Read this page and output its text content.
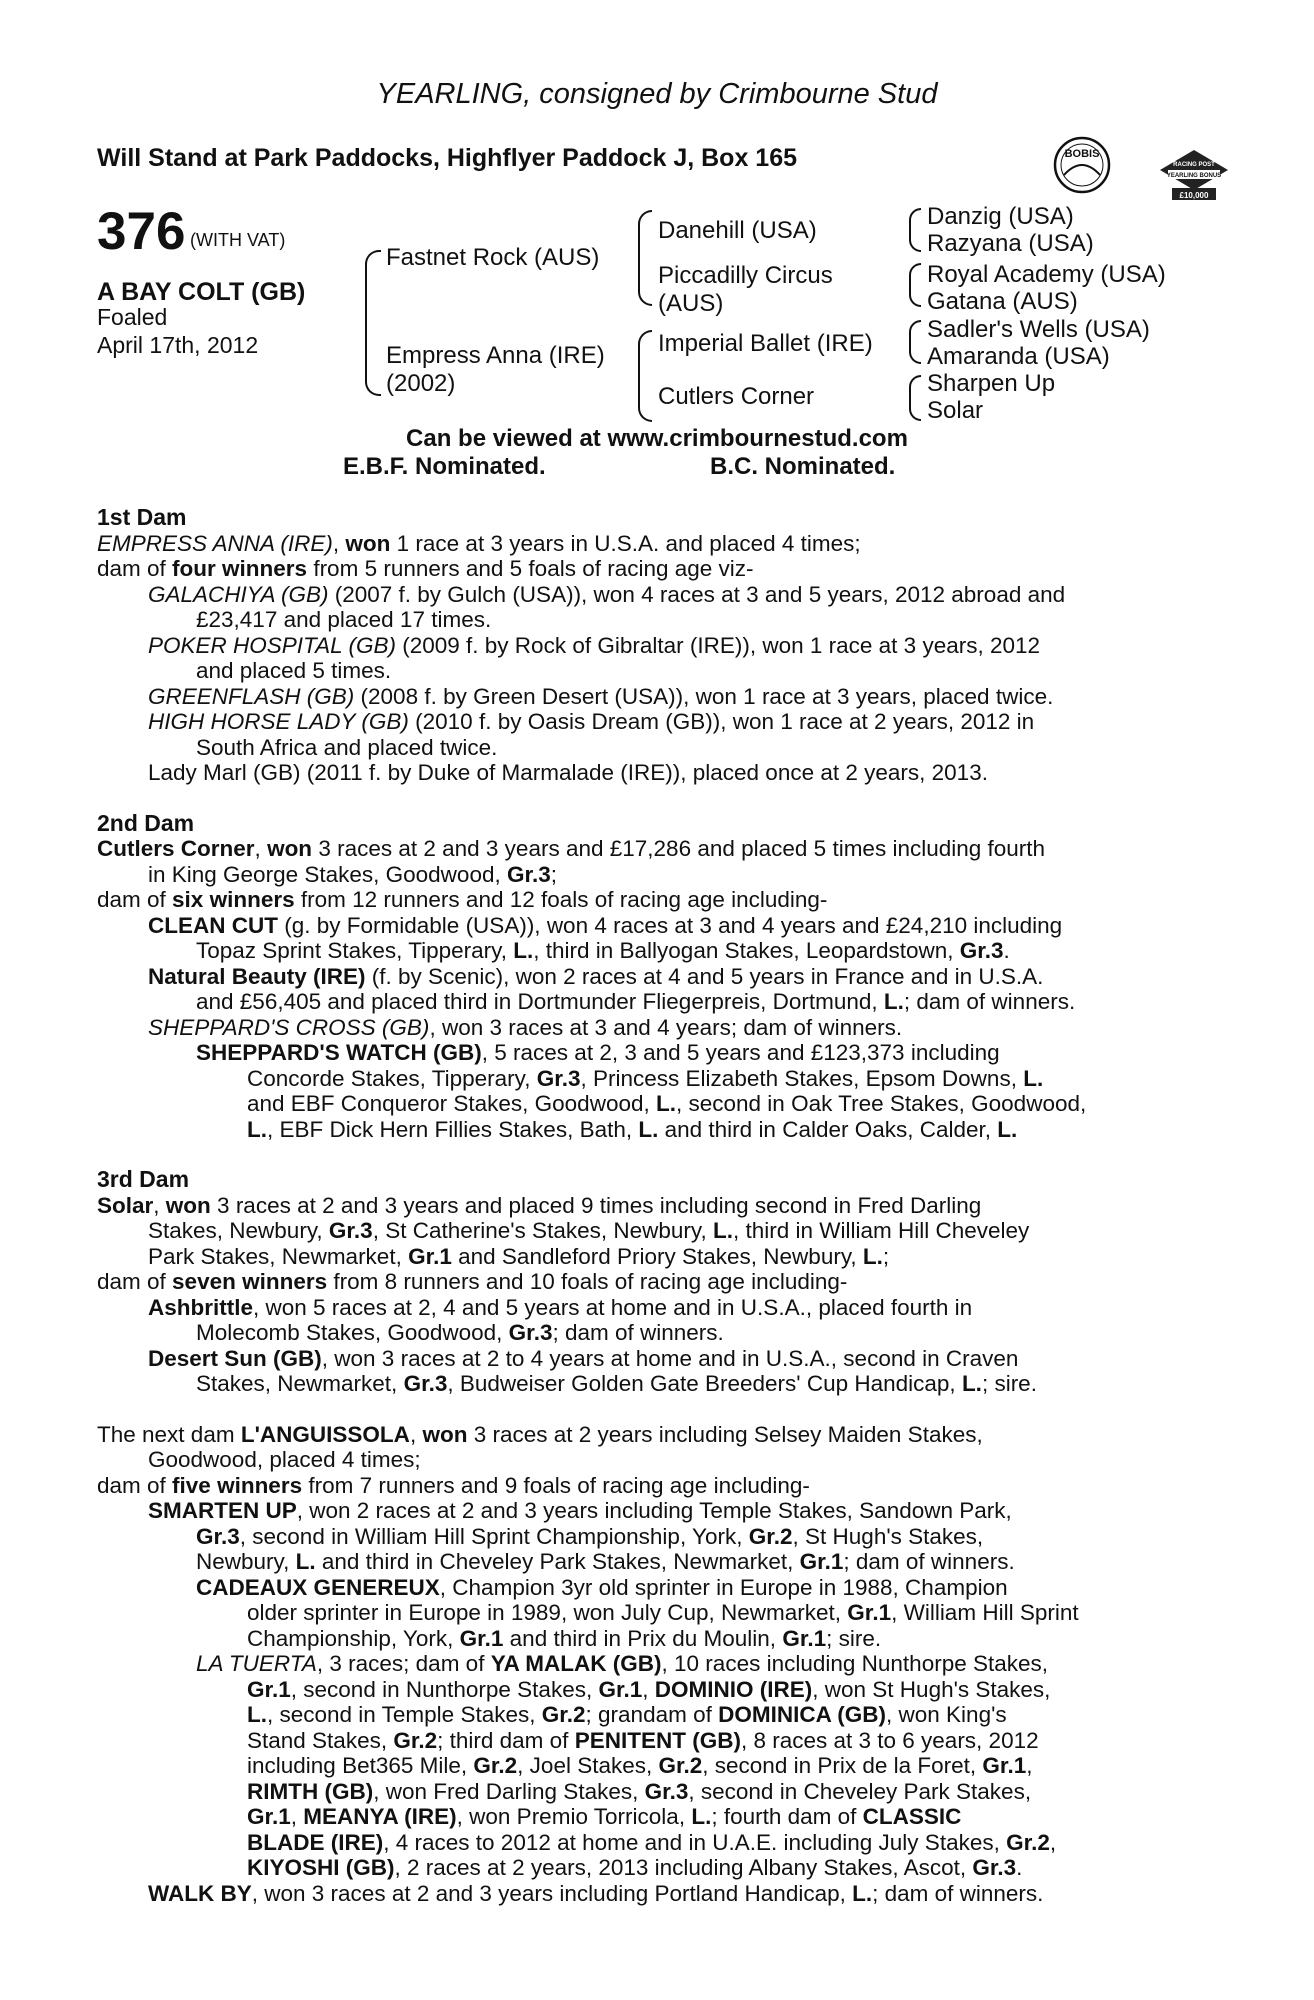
YEARLING, consigned by Crimbourne Stud
Will Stand at Park Paddocks, Highflyer Paddock J, Box 165	BOBIS
RACING POST
YEARLING BONUS
£10,000
376 (WITH VAT)
A BAY COLT (GB)
Foaled
April 17th, 2012
Fastnet Rock (AUS)
Empress Anna (IRE)
(2002)
Danehill (USA)
Piccadilly Circus
(AUS)
Imperial Ballet (IRE)
Cutlers Corner
Danzig (USA)
Razyana (USA)
Royal Academy (USA)
Gatana (AUS)
Sadler's Wells (USA)
Amaranda (USA)
Sharpen Up
Solar
Can be viewed at www.crimbournestud.com
E.B.F. Nominated.	B.C. Nominated.

1st Dam

EMPRESS ANNA (IRE), won 1 race at 3 years in U.S.A. and placed 4 times;

dam of four winners from 5 runners and 5 foals of racing age viz-

GALACHIYA (GB) (2007 f. by Gulch (USA)), won 4 races at 3 and 5 years, 2012 abroad and

£23,417 and placed 17 times.

POKER HOSPITAL (GB) (2009 f. by Rock of Gibraltar (IRE)), won 1 race at 3 years, 2012

and placed 5 times.

GREENFLASH (GB) (2008 f. by Green Desert (USA)), won 1 race at 3 years, placed twice.

HIGH HORSE LADY (GB) (2010 f. by Oasis Dream (GB)), won 1 race at 2 years, 2012 in

South Africa and placed twice.

Lady Marl (GB) (2011 f. by Duke of Marmalade (IRE)), placed once at 2 years, 2013.

2nd Dam

Cutlers Corner, won 3 races at 2 and 3 years and £17,286 and placed 5 times including fourth

in King George Stakes, Goodwood, Gr.3;

dam of six winners from 12 runners and 12 foals of racing age including-

CLEAN CUT (g. by Formidable (USA)), won 4 races at 3 and 4 years and £24,210 including

Topaz Sprint Stakes, Tipperary, L., third in Ballyogan Stakes, Leopardstown, Gr.3.

Natural Beauty (IRE) (f. by Scenic), won 2 races at 4 and 5 years in France and in U.S.A.

and £56,405 and placed third in Dortmunder Fliegerpreis, Dortmund, L.; dam of winners.

SHEPPARD'S CROSS (GB), won 3 races at 3 and 4 years; dam of winners.

SHEPPARD'S WATCH (GB), 5 races at 2, 3 and 5 years and £123,373 including

Concorde Stakes, Tipperary, Gr.3, Princess Elizabeth Stakes, Epsom Downs, L.

and EBF Conqueror Stakes, Goodwood, L., second in Oak Tree Stakes, Goodwood,

L., EBF Dick Hern Fillies Stakes, Bath, L. and third in Calder Oaks, Calder, L.

3rd Dam

Solar, won 3 races at 2 and 3 years and placed 9 times including second in Fred Darling

Stakes, Newbury, Gr.3, St Catherine's Stakes, Newbury, L., third in William Hill Cheveley

Park Stakes, Newmarket, Gr.1 and Sandleford Priory Stakes, Newbury, L.;

dam of seven winners from 8 runners and 10 foals of racing age including-

Ashbrittle, won 5 races at 2, 4 and 5 years at home and in U.S.A., placed fourth in

Molecomb Stakes, Goodwood, Gr.3; dam of winners.

Desert Sun (GB), won 3 races at 2 to 4 years at home and in U.S.A., second in Craven

Stakes, Newmarket, Gr.3, Budweiser Golden Gate Breeders' Cup Handicap, L.; sire.

The next dam L'ANGUISSOLA, won 3 races at 2 years including Selsey Maiden Stakes,

Goodwood, placed 4 times;

dam of five winners from 7 runners and 9 foals of racing age including-

SMARTEN UP, won 2 races at 2 and 3 years including Temple Stakes, Sandown Park,

Gr.3, second in William Hill Sprint Championship, York, Gr.2, St Hugh's Stakes,

Newbury, L. and third in Cheveley Park Stakes, Newmarket, Gr.1; dam of winners.

CADEAUX GENEREUX, Champion 3yr old sprinter in Europe in 1988, Champion

older sprinter in Europe in 1989, won July Cup, Newmarket, Gr.1, William Hill Sprint

Championship, York, Gr.1 and third in Prix du Moulin, Gr.1; sire.

LA TUERTA, 3 races; dam of YA MALAK (GB), 10 races including Nunthorpe Stakes,

Gr.1, second in Nunthorpe Stakes, Gr.1, DOMINIO (IRE), won St Hugh's Stakes,

L., second in Temple Stakes, Gr.2; grandam of DOMINICA (GB), won King's

Stand Stakes, Gr.2; third dam of PENITENT (GB), 8 races at 3 to 6 years, 2012

including Bet365 Mile, Gr.2, Joel Stakes, Gr.2, second in Prix de la Foret, Gr.1,

RIMTH (GB), won Fred Darling Stakes, Gr.3, second in Cheveley Park Stakes,

Gr.1, MEANYA (IRE), won Premio Torricola, L.; fourth dam of CLASSIC

BLADE (IRE), 4 races to 2012 at home and in U.A.E. including July Stakes, Gr.2,

KIYOSHI (GB), 2 races at 2 years, 2013 including Albany Stakes, Ascot, Gr.3.

WALK BY, won 3 races at 2 and 3 years including Portland Handicap, L.; dam of winners.
